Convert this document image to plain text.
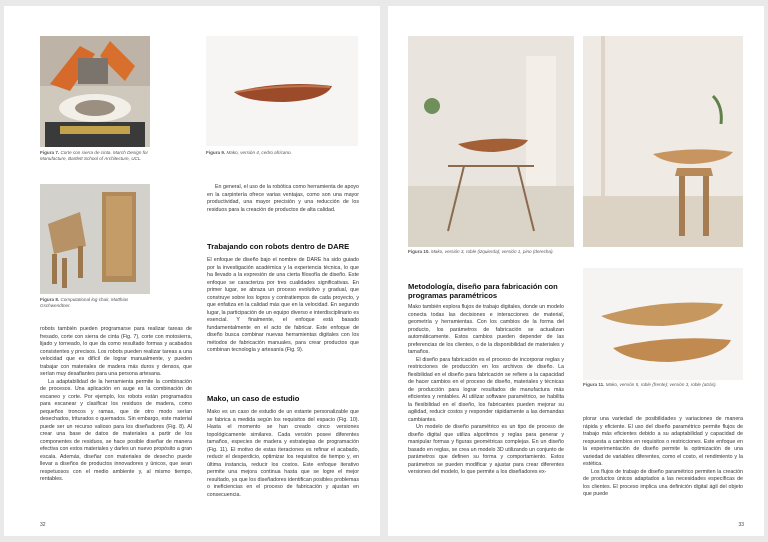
Figura 7. Corte con sierra de cinta. March Design for Manufacture, Bartlett School of Architecture, UCL.
Figura 9. Mako, versión 4, cedro africano.
Figura 8. Computational log chair, Matthias Gschwendtner.

robots también pueden programarse para realizar tareas de fresado, corte con sierra de cinta (Fig. 7), corte con motosierra, lijado y torneado, lo que da como resultado formas y acabados consistentes y precisos. Los robots pueden realizar tareas a una velocidad que es difícil de lograr manualmente, y pueden trabajar con materiales de madera más duros y densos, que serían muy desafiantes para una persona artesana.

La adaptabilidad de la herramienta permite la combinación de procesos. Una aplicación en auge es la combinación de escaneo y corte. Por ejemplo, los robots están programados para escanear y clasificar los residuos de madera, como pequeños troncos y ramas, que de otro modo serían desechados, triturados o quemados. Sin embargo, este material puede ser un recurso valioso para los diseñadores (Fig. 8). Al crear una base de datos de materiales a partir de los componentes de residuos, se hace posible diseñar de manera efectiva con estos materiales y darles un nuevo propósito a gran escala. Además, diseñar con materiales de desecho puede llevar a diseños de productos innovadores y únicos, que sean respetuosos con el medio ambiente y, al mismo tiempo, rentables.

En general, el uso de la robótica como herramienta de apoyo en la carpintería ofrece varias ventajas, como son una mayor productividad, una mayor precisión y una reducción de los residuos para la creación de productos de alta calidad.

Trabajando con robots dentro de DARE

El enfoque de diseño bajo el nombre de DARE ha sido guiado por la investigación académica y la experiencia técnica, lo que ha llevado a la expresión de una cierta filosofía de diseño. Este enfoque se caracteriza por tres cualidades significativas. En primer lugar, se abraza un proceso evolutivo y gradual, que construye sobre los logros y contratiempos de cada proyecto, y que enfatiza en la calidad más que en la velocidad. En segundo lugar, la participación de un equipo diverso e interdisciplinario es esencial. Y finalmente, el enfoque está basado fundamentalmente en el acto de fabricar. Este enfoque de diseño busca combinar nuevas herramientas digitales con los métodos de fabricación manuales, para crear productos que combinan tecnología y artesanía (Fig. 9).

Mako, un caso de estudio

Mako es un caso de estudio de un estante personalizable que se fabrica a medida según los requisitos del espacio (Fig. 10). Hasta el momento se han creado cinco versiones topológicamente similares. Cada versión posee diferentes tamaños, especies de madera y estrategias de programación (Fig. 11). El motivo de estas iteraciones es refinar el acabado, reducir el desperdicio, optimizar los requisitos de tiempo y, en última instancia, reducir los costos. Este enfoque iterativo permite una mejora continua hasta que se logre el mejor resultado, ya que los diseñadores identifican posibles problemas o ineficiencias en el proceso de fabricación y ajustan en consecuencia.

32
Figura 10. Mako, versión 3, roble (izquierda); versión 1, pino (derecha).
Figura 11. Mako, versión 5, roble (frente); versión 3, roble (atrás).
Metodología, diseño para fabricación con programas paramétricos

Mako también explora flujos de trabajo digitales, donde un modelo conecta todas las decisiones e interacciones de material, geometría y herramientas. Con los cambios de la forma del producto, los parámetros de fabricación se actualizan automáticamente. Estos cambios pueden depender de las preferencias de los clientes, o de la disponibilidad de materiales y tamaños.

El diseño para fabricación es el proceso de incorporar reglas y restricciones de producción en los archivos de diseño. La flexibilidad en el diseño para fabricación se refiere a la capacidad de hacer cambios en el proceso de diseño, materiales y técnicas de producción para lograr resultados de manufactura más eficientes y rentables. Al utilizar software paramétrico, se habilita la flexibilidad en el diseño, los fabricantes pueden mejorar su agilidad, reducir costos y responder rápidamente a las demandas cambiantes.

Un modelo de diseño paramétrico es un tipo de proceso de diseño digital que utiliza algoritmos y reglas para generar y manipular formas y figuras geométricas complejas. En un diseño basado en reglas, se crea un modelo 3D utilizando un conjunto de parámetros que definen su forma y comportamiento. Estos parámetros se pueden modificar y ajustar para crear diferentes versiones del modelo, lo que permite a los diseñadores ex-

plorar una variedad de posibilidades y variaciones de manera rápida y eficiente. El uso del diseño paramétrico permite flujos de trabajo más eficientes debido a su adaptabilidad y capacidad de respuesta a cambios en requisitos o restricciones. Este enfoque en la experimentación de diseño permite la optimización de una variedad de variables diferentes, como el costo, el rendimiento y la estética.

Los flujos de trabajo de diseño paramétrico permiten la creación de productos únicos adaptados a las necesidades específicas de los clientes. El proceso implica una definición digital ágil del objeto que puede

33
